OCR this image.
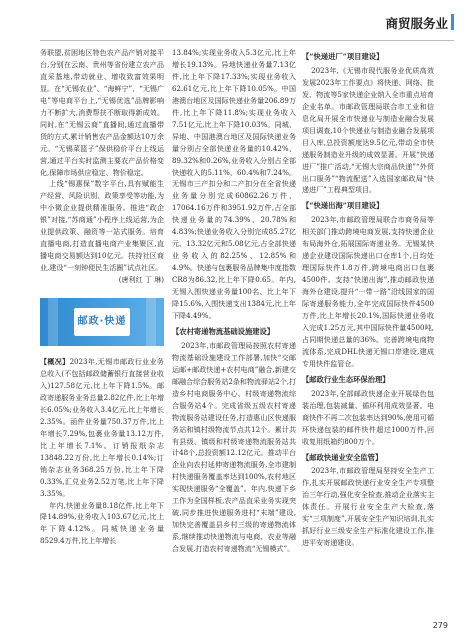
商贸服务业

务联盟,贫困地区特色农产品产销对接平台,分别在云南、贵州等省份建立农产品直采基地,带动就业、增收致富效果明显。在“无锡农业”、“海鲜宁”、“无锡广电”等电商平台上,“无锡优选”品牌影响力不断扩大,消费帮扶不断取得新成效。同时,在“无锡云商”直播间,通过直播带货的方式,累计销售农产品金额达10万余元。“无锡菜篮子”保供稳价平台上线运营,通过平台实时监测主要农产品价格变化,保障市场供应稳定、物价稳定。

上线“锡惠保”数字平台,具有赋能生产经营、风险识别、政策享受等功能,为中小微企业提供精准服务。推进“政企银”对接,“苏商通”小程序上线运营,为企业提供政策、融资等一站式服务。培育直播电商,打造直播电商产业集聚区,直播电商交易额达到10亿元。扶持社区商业,建设“一刻钟便民生活圈”试点社区。

(唐利红 丁 琳)

邮政·快递

【概况】2023年,无锡市邮政行业业务总收入(不包括邮政储蓄银行直接营业收入)127.58亿元,比上年下降1.5%。邮政寄递服务业务总量2.82亿件,比上年增长6.05%;业务收入3.4亿元,比上年增长2.35%。函件业务量750.37万件,比上年增长7.29%,包裹业务量13.12万件,比上年增长7.1%。订销报纸杂志13848.22万份,比上年增长0.14%;订销杂志业务368.25万份,比上年下降0.33%,汇兑业务2.52万笔,比上年下降3.35%。

年内,快递业务量8.18亿件,比上年下降14.89%,业务收入103.67亿元,比上年下降4.12%。同城快递业务量8529.4万件,比上年增长

13.84%;实现业务收入5.3亿元,比上年增长19.13%。异地快递业务量7.13亿件,比上年下降17.33%;实现业务收入62.61亿元,比上年下降10.05%。中国港澳台地区及国际快递业务量206.89万件,比上年下降11.8%;实现业务收入7.51亿元,比上年下降10.03%。同城、异地、中国港澳台地区及国际快递业务量分别占全部快递业务量的10.42%、89.32%和0.26%,业务收入分别占全部快递收入的5.11%、60.4%和7.24%。无锡市三产扣分和二产扣分在全省快递业务量分别完成60862.26万件、17064.16万件和3951.92万件,占全部快递业务量的74.39%、20.78%和4.83%;快递业务收入分别完成85.27亿元、13.32亿元和5.08亿元,占全部快递业务收入的82.25%、12.85%和4.9%。快递与包裹服务品牌集中度指数CR8为86.32,比上年下降0.65。年内,无锡入围快递业务量100名、比上年下降15.6%,入围快递支出1384元,比上年下降4.49%。

【农村寄递物流基础设施建设】

2023年,市邮政管理局按照农村寄递物流基础设施建设工作部署,加快“交邮运邮+邮政快递+农村电商”融合,新建交邮融合综合服务站2条和物流驿站2个,打造乡村电商服务中心、村级寄递物流综合服务站4个。完成省级五级农村寄递物流服务站建设任务,打造惠山区快递服务站和镇村级物流节点共12个。累计共有县级、镇级和村级寄递物流服务站共计48个,总投资额12.12亿元。推动平台企业向农村延伸寄递物流服务,全市建制村快递服务覆盖率达到100%,农村地区实现快递服务“全覆盖”。年内,快递下乡工作为全国样板,农产品直采业务实现突破,同步推进快递服务进村“末端”建设,加快完善覆盖县乡村三级的寄递物流体系,继续推动快递物流与电商、农业等融合发展,打造农村寄递物流“无锡模式”。

【“快递进厂”项目建设】

2023年,《无锡市现代服务业优质高效发展2023年工作要点》将快递、网络、批发、物流等5家快递企业纳入全市重点培育企业名单。市邮政管理局联合市工业和信息化局开展全市快递业与制造业融合发展项目调查,10个快递业与制造业融合发展项目入库,总投资额度达9.5亿元,带动全市快递服务制造业升级的成效显著。开展“快递进厂”推广活动,“无锡大宗商品快递”“外贸出口服务”“物流配送”入选国家邮政局“快递进厂”工程典型项目。

【“快递出海”项目建设】

2023年,市邮政管理局联合市商务局等相关部门推动跨境电商发展,支持快递企业布局海外仓,拓展国际寄递业务。无锡某快递企业建设国际快递出口仓库1个,日均处理国际快件1.8万件,跨境电商出口包裹4500件。支持“快递出海”,推动邮政快递海外仓建设,提升“一带一路”沿线国家的国际寄递服务能力,全年完成国际快件4500万件,比上年增长20.1%,国际快递业务收入完成1.25万元,其中国际快件量4500吨,占同期快递总量的36%。完善跨境电商物流体系,完成DHL快递无锡口岸建设,建成专用快件监管仓。

【邮政行业生态环保治理】

2023年,全部邮政快递企业开展绿色包装治理,包装减量、循环利用成效显著。电商快件不再二次包装率达到90%,使用可循环快递包装的邮件快件超过1000万件,回收复用纸箱约800万个。

【邮政快递业安全监管】

2023年,市邮政管理局坚持安全生产工作,扎实开展邮政快递行业安全生产专项整治三年行动,强化安全检查,推动企业落实主体责任。开展行业安全生产大检查,落实“三项制度”,开展安全生产知识培训,扎实抓好行业三级安全生产标准化建设工作,推进平安寄递建设。

279
